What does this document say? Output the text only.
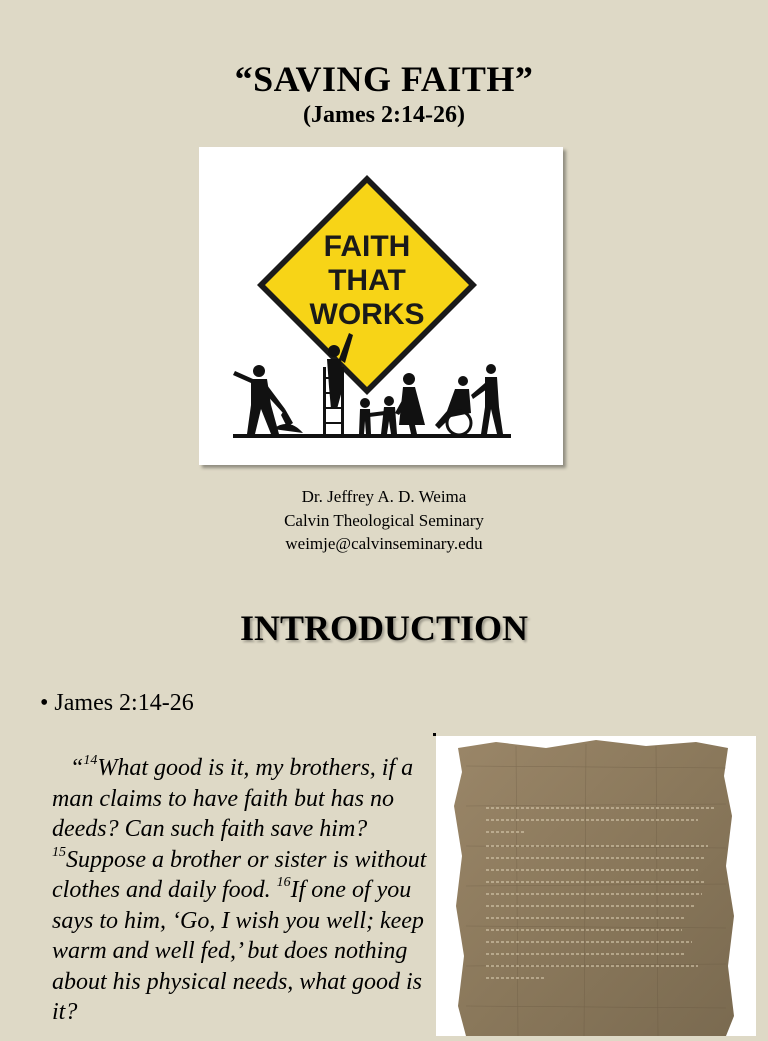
“SAVING FAITH”
(James 2:14-26)
FAITH
THAT
WORKS
Dr. Jeffrey A. D. Weima
Calvin Theological Seminary
weimje@calvinseminary.edu
INTRODUCTION
• James 2:14-26

“$^{14}$What good is it, my brothers, if a man claims to have faith but has no deeds? Can such faith save him? $^{15}$Suppose a brother or sister is without clothes and daily food. $^{16}$If one of you says to him, ‘Go, I wish you well; keep warm and well fed,’ but does nothing about his physical needs, what good is it?
